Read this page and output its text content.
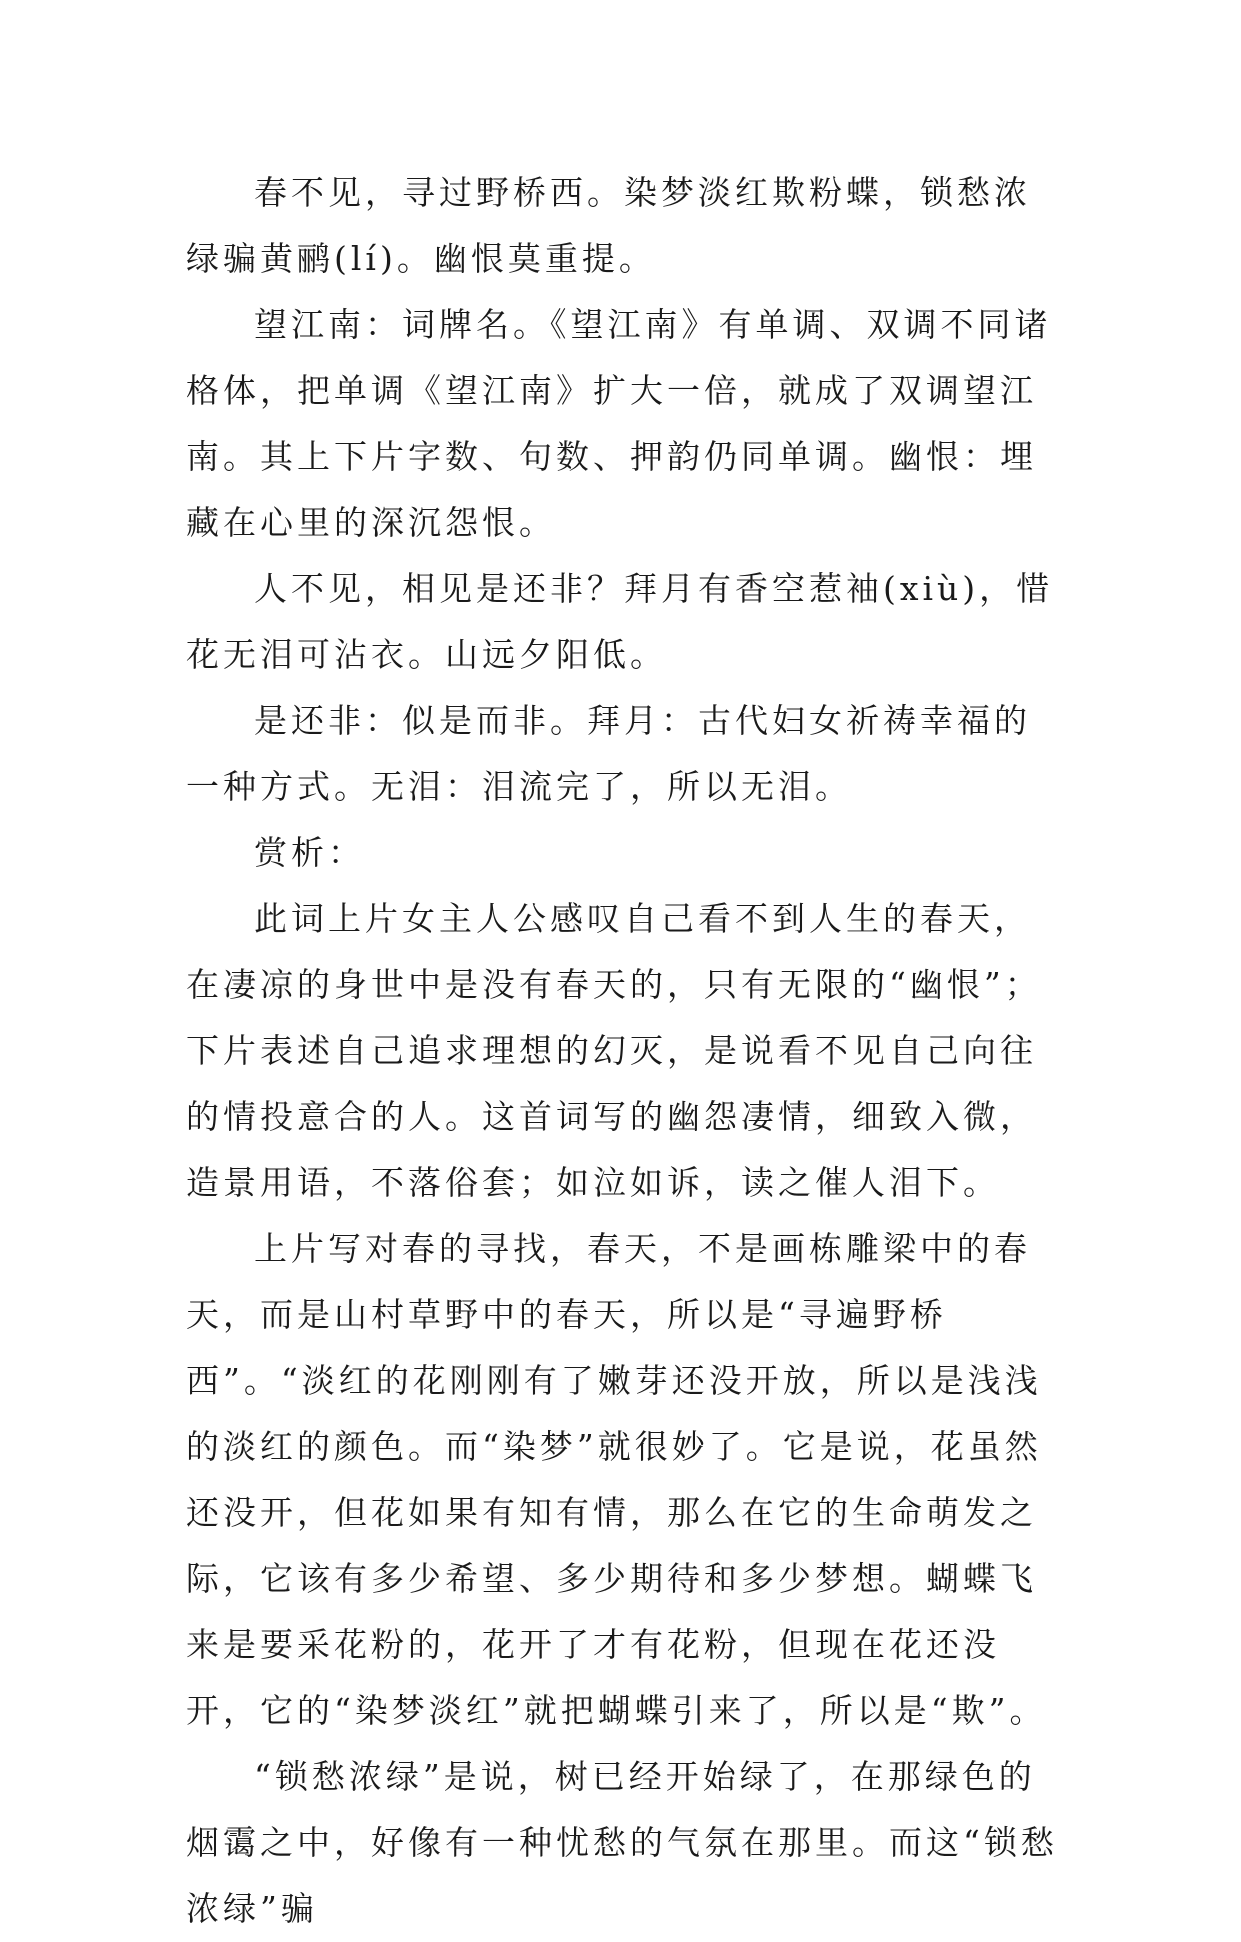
春不见，寻过野桥西。染梦淡红欺粉蝶，锁愁浓绿骗黄鹂(lí)。幽恨莫重提。

望江南：词牌名。《望江南》有单调、双调不同诸格体，把单调《望江南》扩大一倍，就成了双调望江南。其上下片字数、句数、押韵仍同单调。幽恨：埋藏在心里的深沉怨恨。

人不见，相见是还非？拜月有香空惹袖(xiù)，惜花无泪可沾衣。山远夕阳低。

是还非：似是而非。拜月：古代妇女祈祷幸福的一种方式。无泪：泪流完了，所以无泪。

赏析：

此词上片女主人公感叹自己看不到人生的春天，在凄凉的身世中是没有春天的，只有无限的“幽恨”；下片表述自己追求理想的幻灭，是说看不见自己向往的情投意合的人。这首词写的幽怨凄情，细致入微，造景用语，不落俗套；如泣如诉，读之催人泪下。

上片写对春的寻找，春天，不是画栋雕梁中的春天，而是山村草野中的春天，所以是“寻遍野桥西”。“淡红的花刚刚有了嫩芽还没开放，所以是浅浅的淡红的颜色。而“染梦”就很妙了。它是说，花虽然还没开，但花如果有知有情，那么在它的生命萌发之际，它该有多少希望、多少期待和多少梦想。蝴蝶飞来是要采花粉的，花开了才有花粉，但现在花还没开，它的“染梦淡红”就把蝴蝶引来了，所以是“欺”。

“锁愁浓绿”是说，树已经开始绿了，在那绿色的烟霭之中，好像有一种忧愁的气氛在那里。而这“锁愁浓绿”骗
